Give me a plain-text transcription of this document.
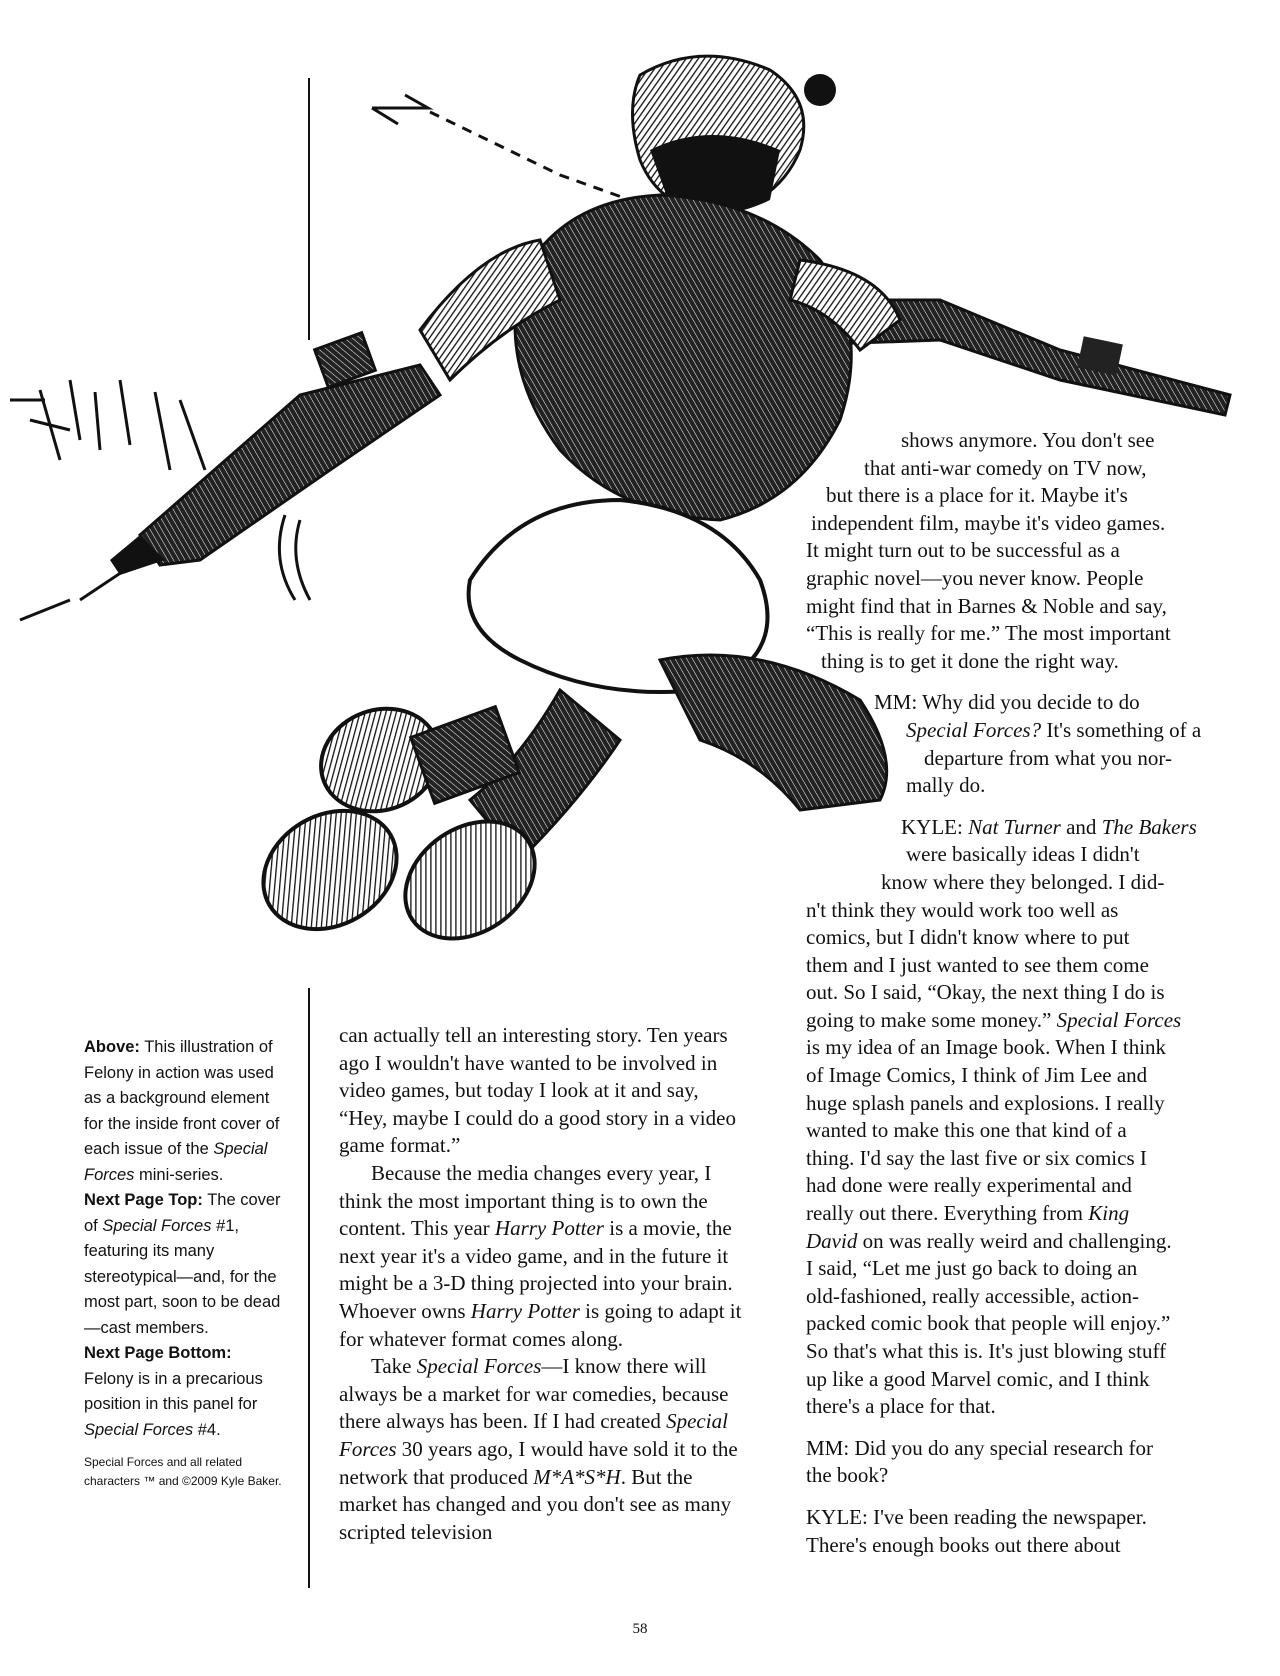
Above: This illustration of Felony in action was used as a background element for the inside front cover of each issue of the Special Forces mini-series.

Next Page Top: The cover of Special Forces #1, featuring its many stereotypical—and, for the most part, soon to be dead—cast members.

Next Page Bottom: Felony is in a precarious position in this panel for Special Forces #4.

Special Forces and all related characters ™ and ©2009 Kyle Baker.

can actually tell an interesting story. Ten years ago I wouldn't have wanted to be involved in video games, but today I look at it and say, “Hey, maybe I could do a good story in a video game format.”

Because the media changes every year, I think the most important thing is to own the content. This year Harry Potter is a movie, the next year it's a video game, and in the future it might be a 3-D thing projected into your brain. Whoever owns Harry Potter is going to adapt it for whatever format comes along.

Take Special Forces—I know there will always be a market for war comedies, because there always has been. If I had created Special Forces 30 years ago, I would have sold it to the network that produced M*A*S*H. But the market has changed and you don't see as many scripted television

shows anymore. You don't see
that anti-war comedy on TV now,
but there is a place for it. Maybe it's
independent film, maybe it's video games.
It might turn out to be successful as a
graphic novel—you never know. People
might find that in Barnes & Noble and say,
“This is really for me.” The most important
thing is to get it done the right way.
MM: Why did you decide to do
Special Forces? It's something of a
departure from what you nor-
mally do.
KYLE: Nat Turner and The Bakers
were basically ideas I didn't
know where they belonged. I did-
n't think they would work too well as
comics, but I didn't know where to put
them and I just wanted to see them come
out. So I said, “Okay, the next thing I do is
going to make some money.” Special Forces
is my idea of an Image book. When I think
of Image Comics, I think of Jim Lee and
huge splash panels and explosions. I really
wanted to make this one that kind of a
thing. I'd say the last five or six comics I
had done were really experimental and
really out there. Everything from King
David on was really weird and challenging.
I said, “Let me just go back to doing an
old-fashioned, really accessible, action-
packed comic book that people will enjoy.”
So that's what this is. It's just blowing stuff
up like a good Marvel comic, and I think
there's a place for that.
MM: Did you do any special research for
the book?
KYLE: I've been reading the newspaper.
There's enough books out there about
58
